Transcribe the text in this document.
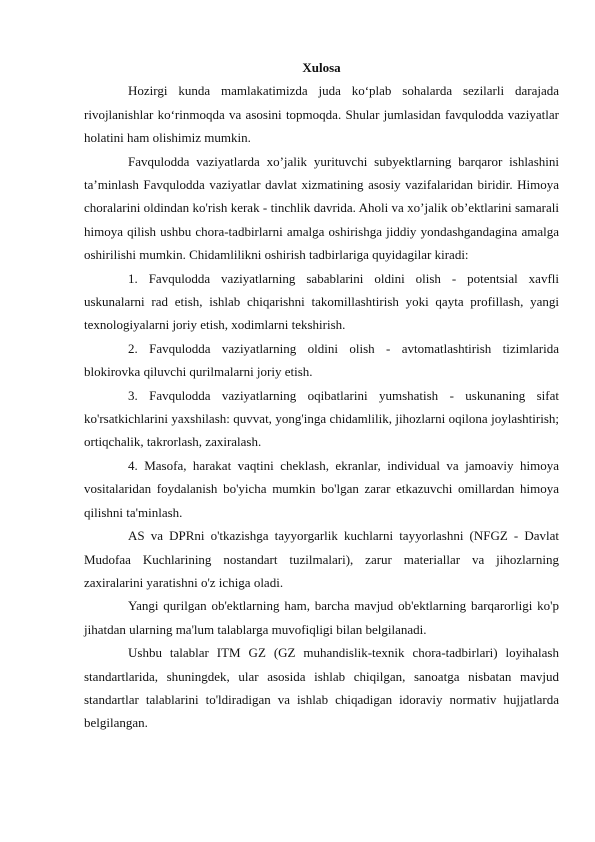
Xulosa

Hozirgi kunda mamlakatimizda juda ko‘plab sohalarda sezilarli darajada rivojlanishlar ko‘rinmoqda va asosini topmoqda. Shular jumlasidan favqulodda vaziyatlar holatini ham olishimiz mumkin.

Favqulodda vaziyatlarda xo’jalik yurituvchi subyektlarning barqaror ishlashini ta’minlash Favqulodda vaziyatlar davlat xizmatining asosiy vazifalaridan biridir. Himoya choralarini oldindan ko'rish kerak - tinchlik davrida. Aholi va xo’jalik ob’ektlarini samarali himoya qilish ushbu chora-tadbirlarni amalga oshirishga jiddiy yondashgandagina amalga oshirilishi mumkin. Chidamlilikni oshirish tadbirlariga quyidagilar kiradi:

1. Favqulodda vaziyatlarning sabablarini oldini olish - potentsial xavfli uskunalarni rad etish, ishlab chiqarishni takomillashtirish yoki qayta profillash, yangi texnologiyalarni joriy etish, xodimlarni tekshirish.

2. Favqulodda vaziyatlarning oldini olish - avtomatlashtirish tizimlarida blokirovka qiluvchi qurilmalarni joriy etish.

3. Favqulodda vaziyatlarning oqibatlarini yumshatish - uskunaning sifat ko'rsatkichlarini yaxshilash: quvvat, yong'inga chidamlilik, jihozlarni oqilona joylashtirish; ortiqchalik, takrorlash, zaxiralash.

4. Masofa, harakat vaqtini cheklash, ekranlar, individual va jamoaviy himoya vositalaridan foydalanish bo'yicha mumkin bo'lgan zarar etkazuvchi omillardan himoya qilishni ta'minlash.

AS va DPRni o'tkazishga tayyorgarlik kuchlarni tayyorlashni (NFGZ - Davlat Mudofaa Kuchlarining nostandart tuzilmalari), zarur materiallar va jihozlarning zaxiralarini yaratishni o'z ichiga oladi.

Yangi qurilgan ob'ektlarning ham, barcha mavjud ob'ektlarning barqarorligi ko'p jihatdan ularning ma'lum talablarga muvofiqligi bilan belgilanadi.

Ushbu talablar ITM GZ (GZ muhandislik-texnik chora-tadbirlari) loyihalash standartlarida, shuningdek, ular asosida ishlab chiqilgan, sanoatga nisbatan mavjud standartlar talablarini to'ldiradigan va ishlab chiqadigan idoraviy normativ hujjatlarda belgilangan.
